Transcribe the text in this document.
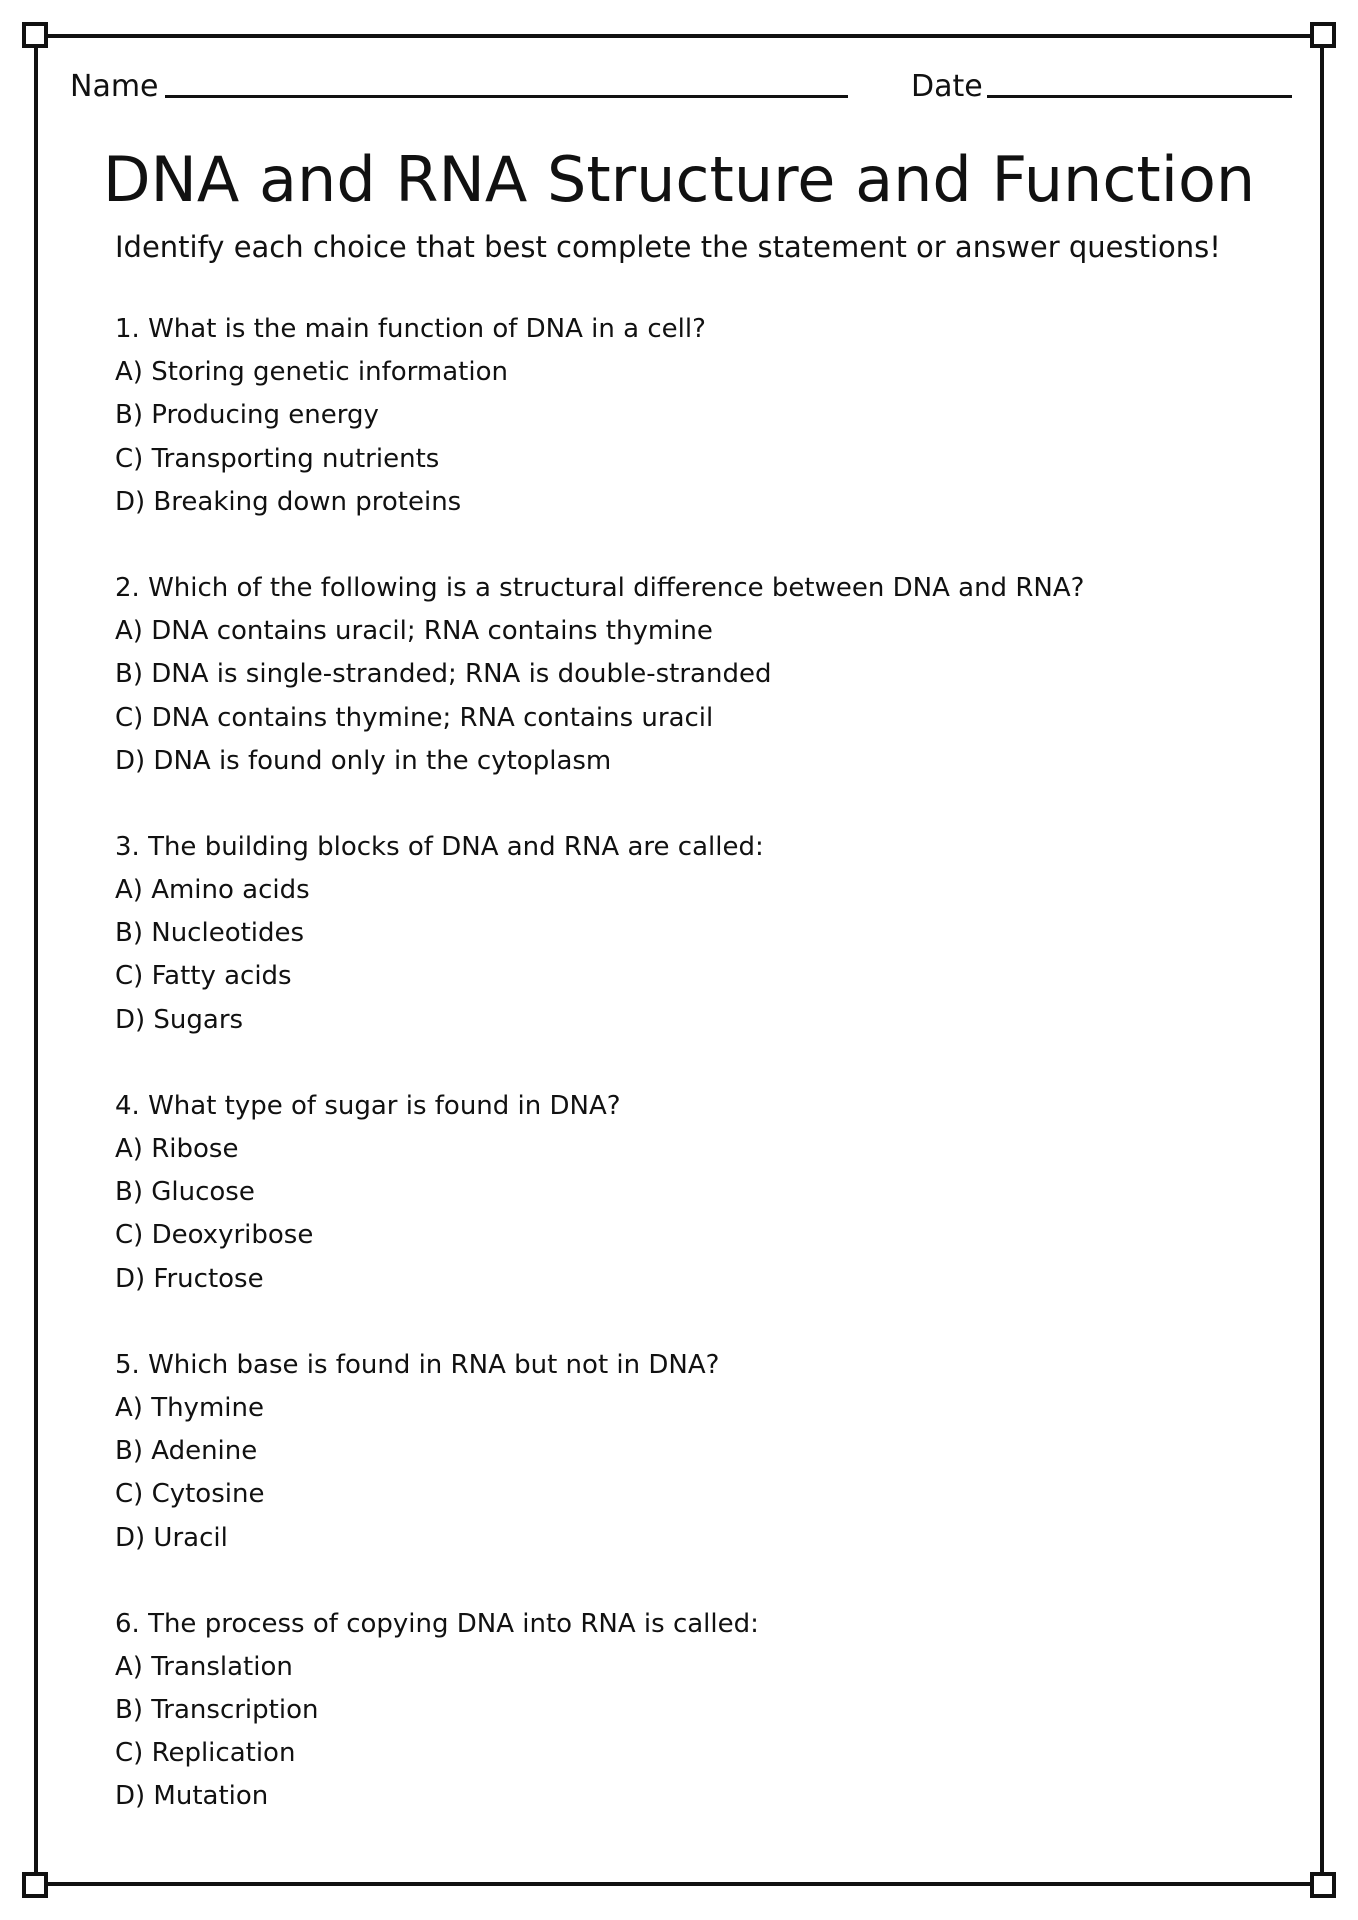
Name	Date
DNA and RNA Structure and Function
Identify each choice that best complete the statement or answer questions!
1. What is the main function of DNA in a cell?
A) Storing genetic information
B) Producing energy
C) Transporting nutrients
D) Breaking down proteins
2. Which of the following is a structural difference between DNA and RNA?
A) DNA contains uracil; RNA contains thymine
B) DNA is single-stranded; RNA is double-stranded
C) DNA contains thymine; RNA contains uracil
D) DNA is found only in the cytoplasm
3. The building blocks of DNA and RNA are called:
A) Amino acids
B) Nucleotides
C) Fatty acids
D) Sugars
4. What type of sugar is found in DNA?
A) Ribose
B) Glucose
C) Deoxyribose
D) Fructose
5. Which base is found in RNA but not in DNA?
A) Thymine
B) Adenine
C) Cytosine
D) Uracil
6. The process of copying DNA into RNA is called:
A) Translation
B) Transcription
C) Replication
D) Mutation
